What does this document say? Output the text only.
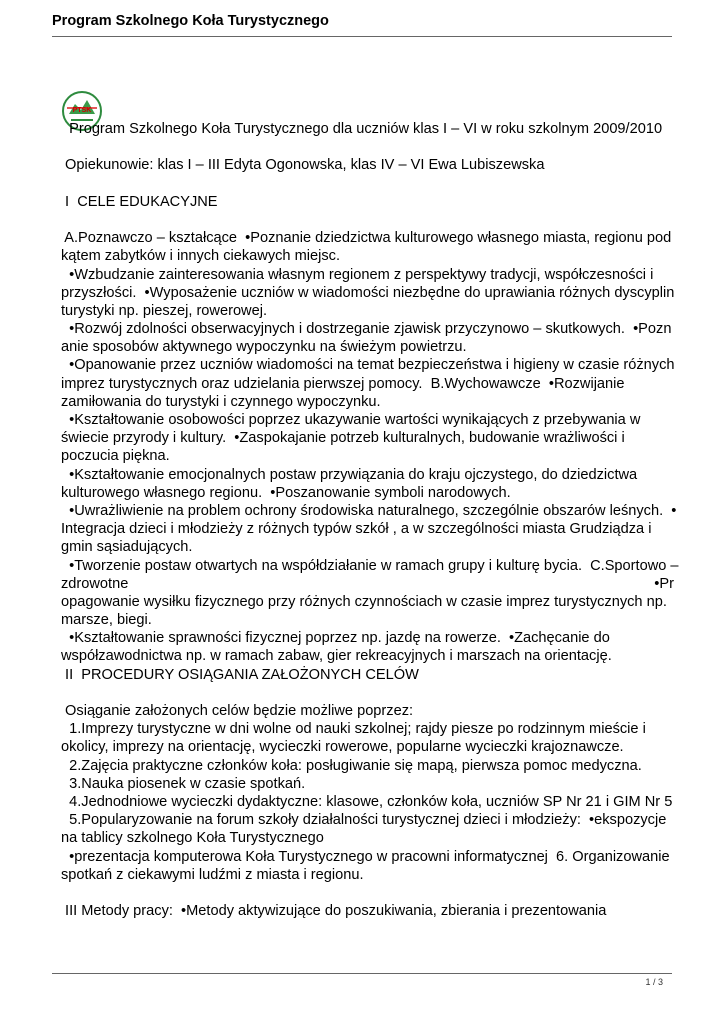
Program Szkolnego Koła Turystycznego
PTSK
Program Szkolnego Koła Turystycznego dla uczniów klas I – VI w roku szkolnym 2009/2010
Opiekunowie: klas I – III Edyta Ogonowska, klas IV – VI Ewa Lubiszewska
I  CELE EDUKACYJNE
A.Poznawczo – kształcące  •Poznanie dziedzictwa kulturowego własnego miasta, regionu pod
kątem zabytków i innych ciekawych miejsc.
•Wzbudzanie zainteresowania własnym regionem z perspektywy tradycji, współczesności i
przyszłości.  •Wyposażenie uczniów w wiadomości niezbędne do uprawiania różnych dyscyplin
turystyki np. pieszej, rowerowej.
•Rozwój zdolności obserwacyjnych i dostrzeganie zjawisk przyczynowo – skutkowych.  •Pozn
anie sposobów aktywnego wypoczynku na świeżym powietrzu.
•Opanowanie przez uczniów wiadomości na temat bezpieczeństwa i higieny w czasie różnych
imprez turystycznych oraz udzielania pierwszej pomocy.  B.Wychowawcze  •Rozwijanie
zamiłowania do turystyki i czynnego wypoczynku.
•Kształtowanie osobowości poprzez ukazywanie wartości wynikających z przebywania w
świecie przyrody i kultury.  •Zaspokajanie potrzeb kulturalnych, budowanie wrażliwości i
poczucia piękna.
•Kształtowanie emocjonalnych postaw przywiązania do kraju ojczystego, do dziedzictwa
kulturowego własnego regionu.  •Poszanowanie symboli narodowych.
•Uwrażliwienie na problem ochrony środowiska naturalnego, szczególnie obszarów leśnych.  •
Integracja dzieci i młodzieży z różnych typów szkół , a w szczególności miasta Grudziądza i
gmin sąsiadujących.
•Tworzenie postaw otwartych na współdziałanie w ramach grupy i kulturę bycia.  C.Sportowo –
zdrowotne	•Pr
opagowanie wysiłku fizycznego przy różnych czynnościach w czasie imprez turystycznych np.
marsze, biegi.
•Kształtowanie sprawności fizycznej poprzez np. jazdę na rowerze.  •Zachęcanie do
współzawodnictwa np. w ramach zabaw, gier rekreacyjnych i marszach na orientację.
II  PROCEDURY OSIĄGANIA ZAŁOŻONYCH CELÓW
Osiąganie założonych celów będzie możliwe poprzez:
1.Imprezy turystyczne w dni wolne od nauki szkolnej; rajdy piesze po rodzinnym mieście i
okolicy, imprezy na orientację, wycieczki rowerowe, popularne wycieczki krajoznawcze.
2.Zajęcia praktyczne członków koła: posługiwanie się mapą, pierwsza pomoc medyczna.
3.Nauka piosenek w czasie spotkań.
4.Jednodniowe wycieczki dydaktyczne: klasowe, członków koła, uczniów SP Nr 21 i GIM Nr 5
5.Popularyzowanie na forum szkoły działalności turystycznej dzieci i młodzieży:  •ekspozycje
na tablicy szkolnego Koła Turystycznego
•prezentacja komputerowa Koła Turystycznego w pracowni informatycznej  6. Organizowanie
spotkań z ciekawymi ludźmi z miasta i regionu.
III Metody pracy:  •Metody aktywizujące do poszukiwania, zbierania i prezentowania
1 / 3
